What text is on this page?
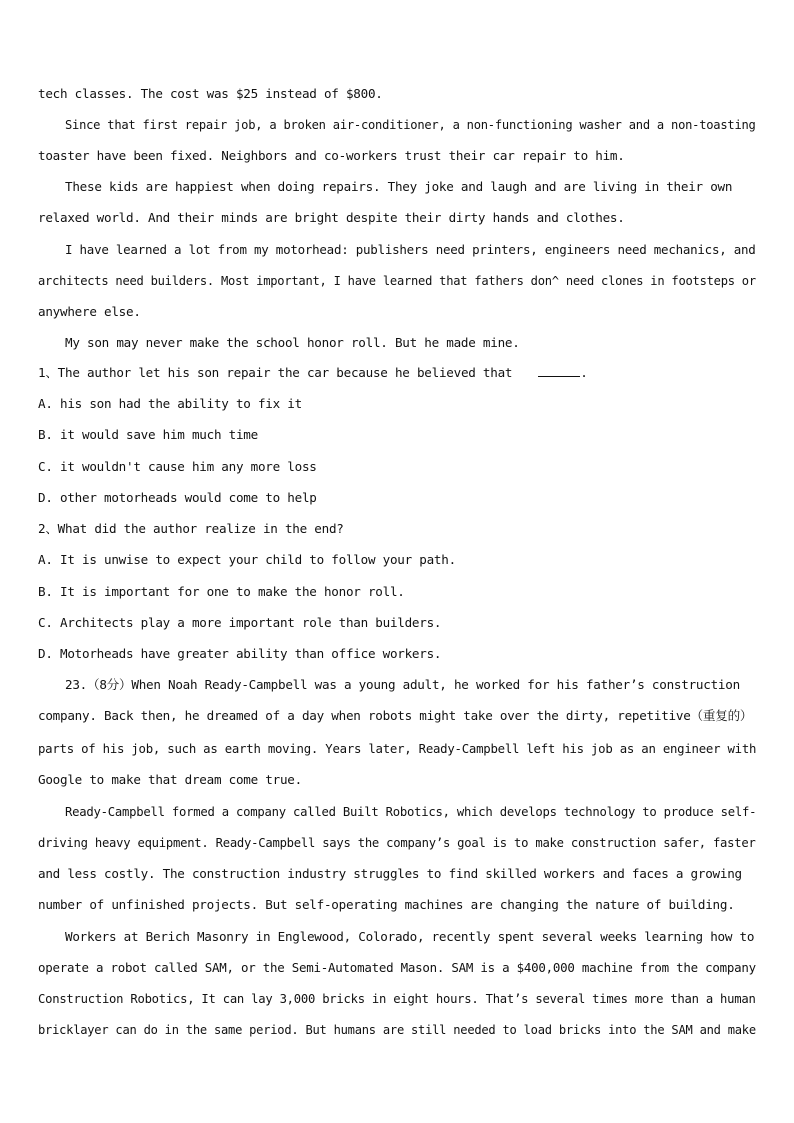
tech classes. The cost was $25 instead of $800.
Since that first repair job, a broken air-conditioner, a non-functioning washer and a non-toasting
toaster have been fixed. Neighbors and co-workers trust their car repair to him.
These kids are happiest when doing repairs. They joke and laugh and are living in their own
relaxed world. And their minds are bright despite their dirty hands and clothes.
I have learned a lot from my motorhead: publishers need printers, engineers need mechanics, and
architects need builders. Most important, I have learned that fathers don^ need clones in footsteps or
anywhere else.
My son may never make the school honor roll. But he made mine.
1、The author let his son repair the car because he believed that	.
A. his son had the ability to fix it
B. it would save him much time
C. it wouldn't cause him any more loss
D. other motorheads would come to help
2、What did the author realize in the end?
A. It is unwise to expect your child to follow your path.
B. It is important for one to make the honor roll.
C. Architects play a more important role than builders.
D. Motorheads have greater ability than office workers.
23.（8分）When Noah Ready-Campbell was a young adult, he worked for his father’s construction
company. Back then, he dreamed of a day when robots might take over the dirty, repetitive（重复的）
parts of his job, such as earth moving. Years later, Ready-Campbell left his job as an engineer with
Google to make that dream come true.
Ready-Campbell formed a company called Built Robotics, which develops technology to produce self-
driving heavy equipment. Ready-Campbell says the company’s goal is to make construction safer, faster
and less costly. The construction industry struggles to find skilled workers and faces a growing
number of unfinished projects. But self-operating machines are changing the nature of building.
Workers at Berich Masonry in Englewood, Colorado, recently spent several weeks learning how to
operate a robot called SAM, or the Semi-Automated Mason. SAM is a $400,000 machine from the company
Construction Robotics, It can lay 3,000 bricks in eight hours. That’s several times more than a human
bricklayer can do in the same period. But humans are still needed to load bricks into the SAM and make
